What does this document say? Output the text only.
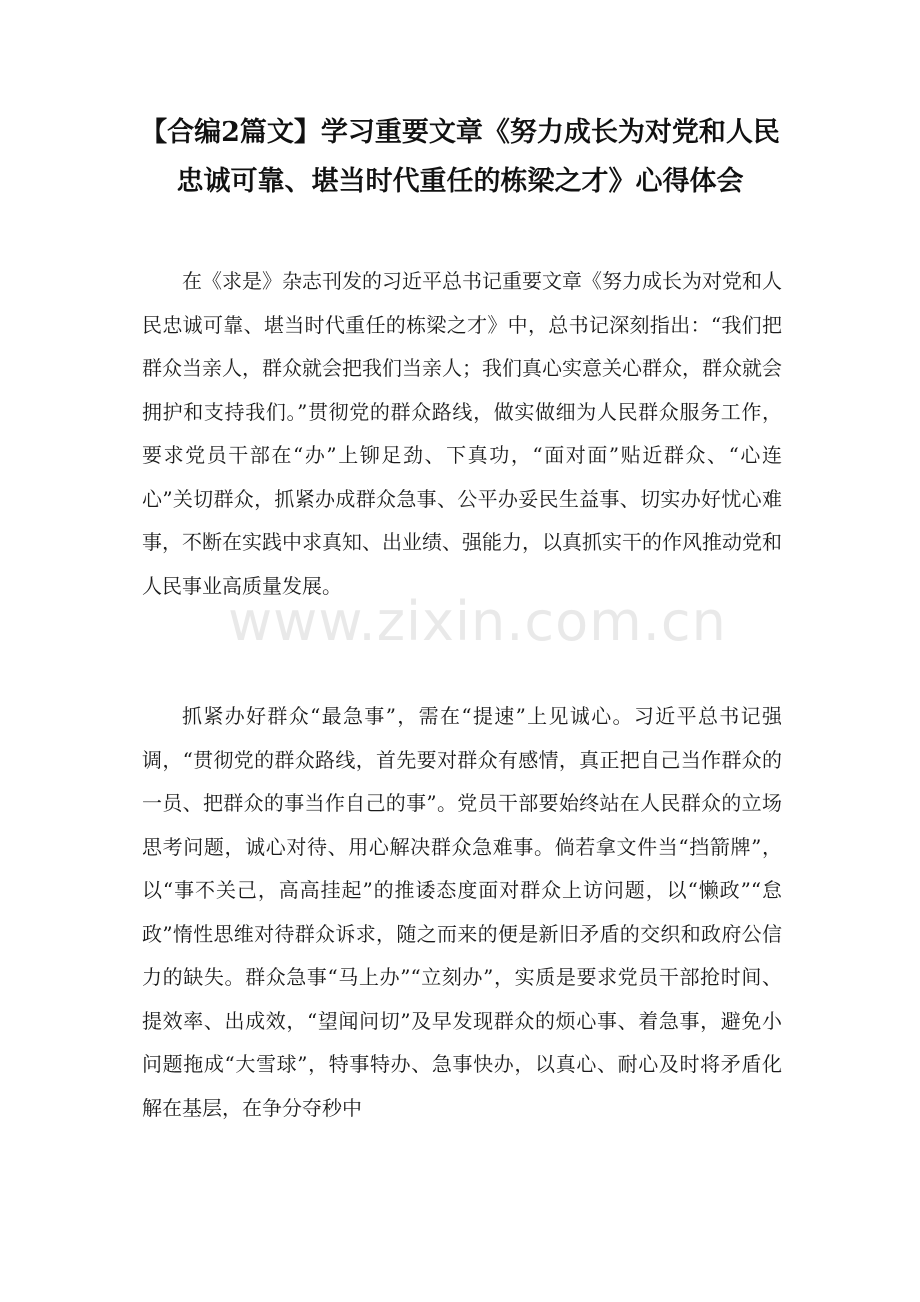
【合编2篇文】学习重要文章《努力成长为对党和人民忠诚可靠、堪当时代重任的栋梁之才》心得体会

在《求是》杂志刊发的习近平总书记重要文章《努力成长为对党和人民忠诚可靠、堪当时代重任的栋梁之才》中，总书记深刻指出：“我们把群众当亲人，群众就会把我们当亲人；我们真心实意关心群众，群众就会拥护和支持我们。”贯彻党的群众路线，做实做细为人民群众服务工作，要求党员干部在“办”上铆足劲、下真功，“面对面”贴近群众、“心连心”关切群众，抓紧办成群众急事、公平办妥民生益事、切实办好忧心难事，不断在实践中求真知、出业绩、强能力，以真抓实干的作风推动党和人民事业高质量发展。

www.zixin.com.cn

抓紧办好群众“最急事”，需在“提速”上见诚心。习近平总书记强调，“贯彻党的群众路线，首先要对群众有感情，真正把自己当作群众的一员、把群众的事当作自己的事”。党员干部要始终站在人民群众的立场思考问题，诚心对待、用心解决群众急难事。倘若拿文件当“挡箭牌”，以“事不关己，高高挂起”的推诿态度面对群众上访问题，以“懒政”“怠政”惰性思维对待群众诉求，随之而来的便是新旧矛盾的交织和政府公信力的缺失。群众急事“马上办”“立刻办”，实质是要求党员干部抢时间、提效率、出成效，“望闻问切”及早发现群众的烦心事、着急事，避免小问题拖成“大雪球”，特事特办、急事快办，以真心、耐心及时将矛盾化解在基层，在争分夺秒中
